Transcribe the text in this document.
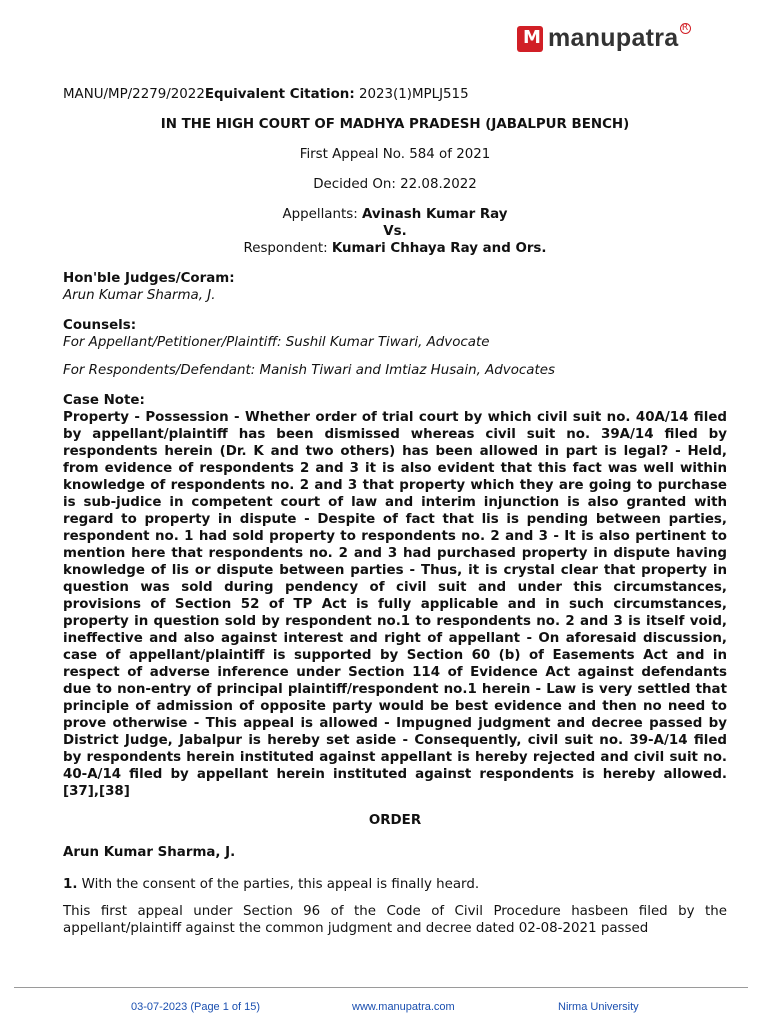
M manupatra R

MANU/MP/2279/2022Equivalent Citation: 2023(1)MPLJ515

IN THE HIGH COURT OF MADHYA PRADESH (JABALPUR BENCH)

First Appeal No. 584 of 2021

Decided On: 22.08.2022

Appellants: Avinash Kumar Ray

Vs.

Respondent: Kumari Chhaya Ray and Ors.

Hon'ble Judges/Coram:

Arun Kumar Sharma, J.

Counsels:

For Appellant/Petitioner/Plaintiff: Sushil Kumar Tiwari, Advocate

For Respondents/Defendant: Manish Tiwari and Imtiaz Husain, Advocates

Case Note:

Property - Possession - Whether order of trial court by which civil suit no. 40A/14 filed by appellant/plaintiff has been dismissed whereas civil suit no. 39A/14 filed by respondents herein (Dr. K and two others) has been allowed in part is legal? - Held, from evidence of respondents 2 and 3 it is also evident that this fact was well within knowledge of respondents no. 2 and 3 that property which they are going to purchase is sub-judice in competent court of law and interim injunction is also granted with regard to property in dispute - Despite of fact that lis is pending between parties, respondent no. 1 had sold property to respondents no. 2 and 3 - It is also pertinent to mention here that respondents no. 2 and 3 had purchased property in dispute having knowledge of lis or dispute between parties - Thus, it is crystal clear that property in question was sold during pendency of civil suit and under this circumstances, provisions of Section 52 of TP Act is fully applicable and in such circumstances, property in question sold by respondent no.1 to respondents no. 2 and 3 is itself void, ineffective and also against interest and right of appellant - On aforesaid discussion, case of appellant/plaintiff is supported by Section 60 (b) of Easements Act and in respect of adverse inference under Section 114 of Evidence Act against defendants due to non-entry of principal plaintiff/respondent no.1 herein - Law is very settled that principle of admission of opposite party would be best evidence and then no need to prove otherwise - This appeal is allowed - Impugned judgment and decree passed by District Judge, Jabalpur is hereby set aside - Consequently, civil suit no. 39-A/14 filed by respondents herein instituted against appellant is hereby rejected and civil suit no. 40-A/14 filed by appellant herein instituted against respondents is hereby allowed. [37],[38]

ORDER

Arun Kumar Sharma, J.

1. With the consent of the parties, this appeal is finally heard.

This first appeal under Section 96 of the Code of Civil Procedure hasbeen filed by the appellant/plaintiff against the common judgment and decree dated 02-08-2021 passed

03-07-2023 (Page 1 of 15)	www.manupatra.com	Nirma University
